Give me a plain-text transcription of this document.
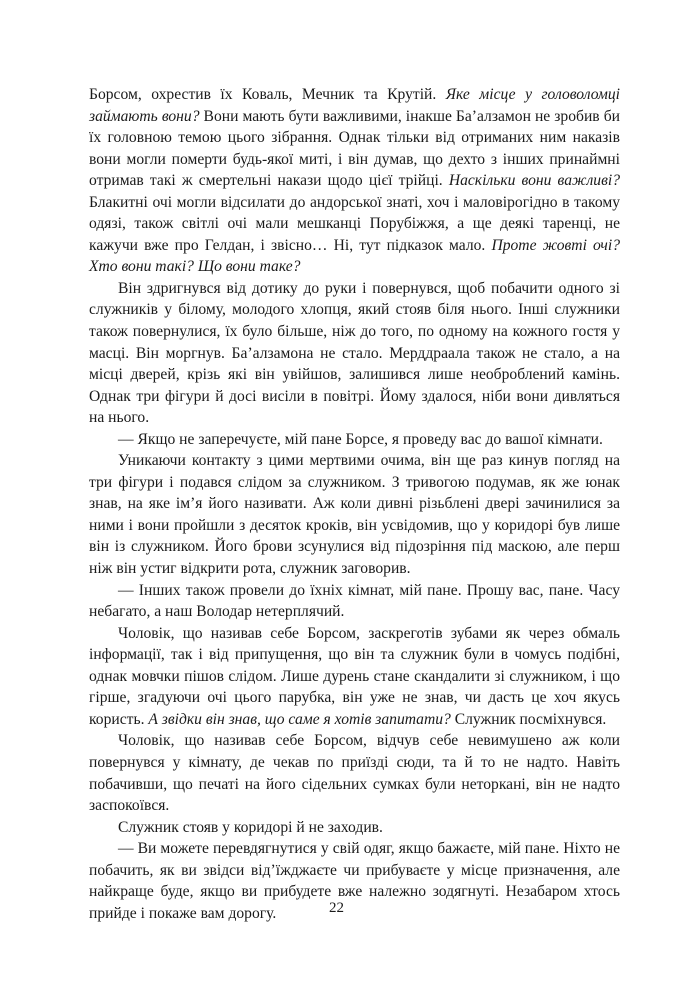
Борсом, охрестив їх Коваль, Мечник та Крутій. Яке місце у головоломці займають вони? Вони мають бути важливими, інакше Ба’алзамон не зробив би їх головною темою цього зібрання. Однак тільки від отриманих ним наказів вони могли померти будь-якої миті, і він думав, що дехто з інших принаймні отримав такі ж смертельні накази щодо цієї трійці. Наскільки вони важливі? Блакитні очі могли відсилати до андорської знаті, хоч і маловірогідно в такому одязі, також світлі очі мали мешканці Порубіжжя, а ще деякі таренці, не кажучи вже про Гелдан, і звісно… Ні, тут підказок мало. Проте жовті очі? Хто вони такі? Що вони таке?

Він здригнувся від дотику до руки і повернувся, щоб побачити одного зі служників у білому, молодого хлопця, який стояв біля нього. Інші служники також повернулися, їх було більше, ніж до того, по одному на кожного гостя у масці. Він моргнув. Ба’алзамона не стало. Мерддраала також не стало, а на місці дверей, крізь які він увійшов, залишився лише необроблений камінь. Однак три фігури й досі висіли в повітрі. Йому здалося, ніби вони дивляться на нього.

— Якщо не заперечуєте, мій пане Борсе, я проведу вас до вашої кімнати.

Уникаючи контакту з цими мертвими очима, він ще раз кинув погляд на три фігури і подався слідом за служником. З тривогою подумав, як же юнак знав, на яке ім’я його називати. Аж коли дивні різьблені двері зачинилися за ними і вони пройшли з десяток кроків, він усвідомив, що у коридорі був лише він із служником. Його брови зсунулися від підозріння під маскою, але перш ніж він устиг відкрити рота, служник заговорив.

— Інших також провели до їхніх кімнат, мій пане. Прошу вас, пане. Часу небагато, а наш Володар нетерплячий.

Чоловік, що називав себе Борсом, заскреготів зубами як через обмаль інформації, так і від припущення, що він та служник були в чомусь подібні, однак мовчки пішов слідом. Лише дурень стане скандалити зі служником, і що гірше, згадуючи очі цього парубка, він уже не знав, чи дасть це хоч якусь користь. А звідки він знав, що саме я хотів запитати? Служник посміхнувся.

Чоловік, що називав себе Борсом, відчув себе невимушено аж коли повернувся у кімнату, де чекав по приїзді сюди, та й то не надто. Навіть побачивши, що печаті на його сідельних сумках були неторкані, він не надто заспокоївся.

Служник стояв у коридорі й не заходив.

— Ви можете перевдягнутися у свій одяг, якщо бажаєте, мій пане. Ніхто не побачить, як ви звідси від’їжджаєте чи прибуваєте у місце призначення, але найкраще буде, якщо ви прибудете вже належно зодягнуті. Незабаром хтось прийде і покаже вам дорогу.	22
